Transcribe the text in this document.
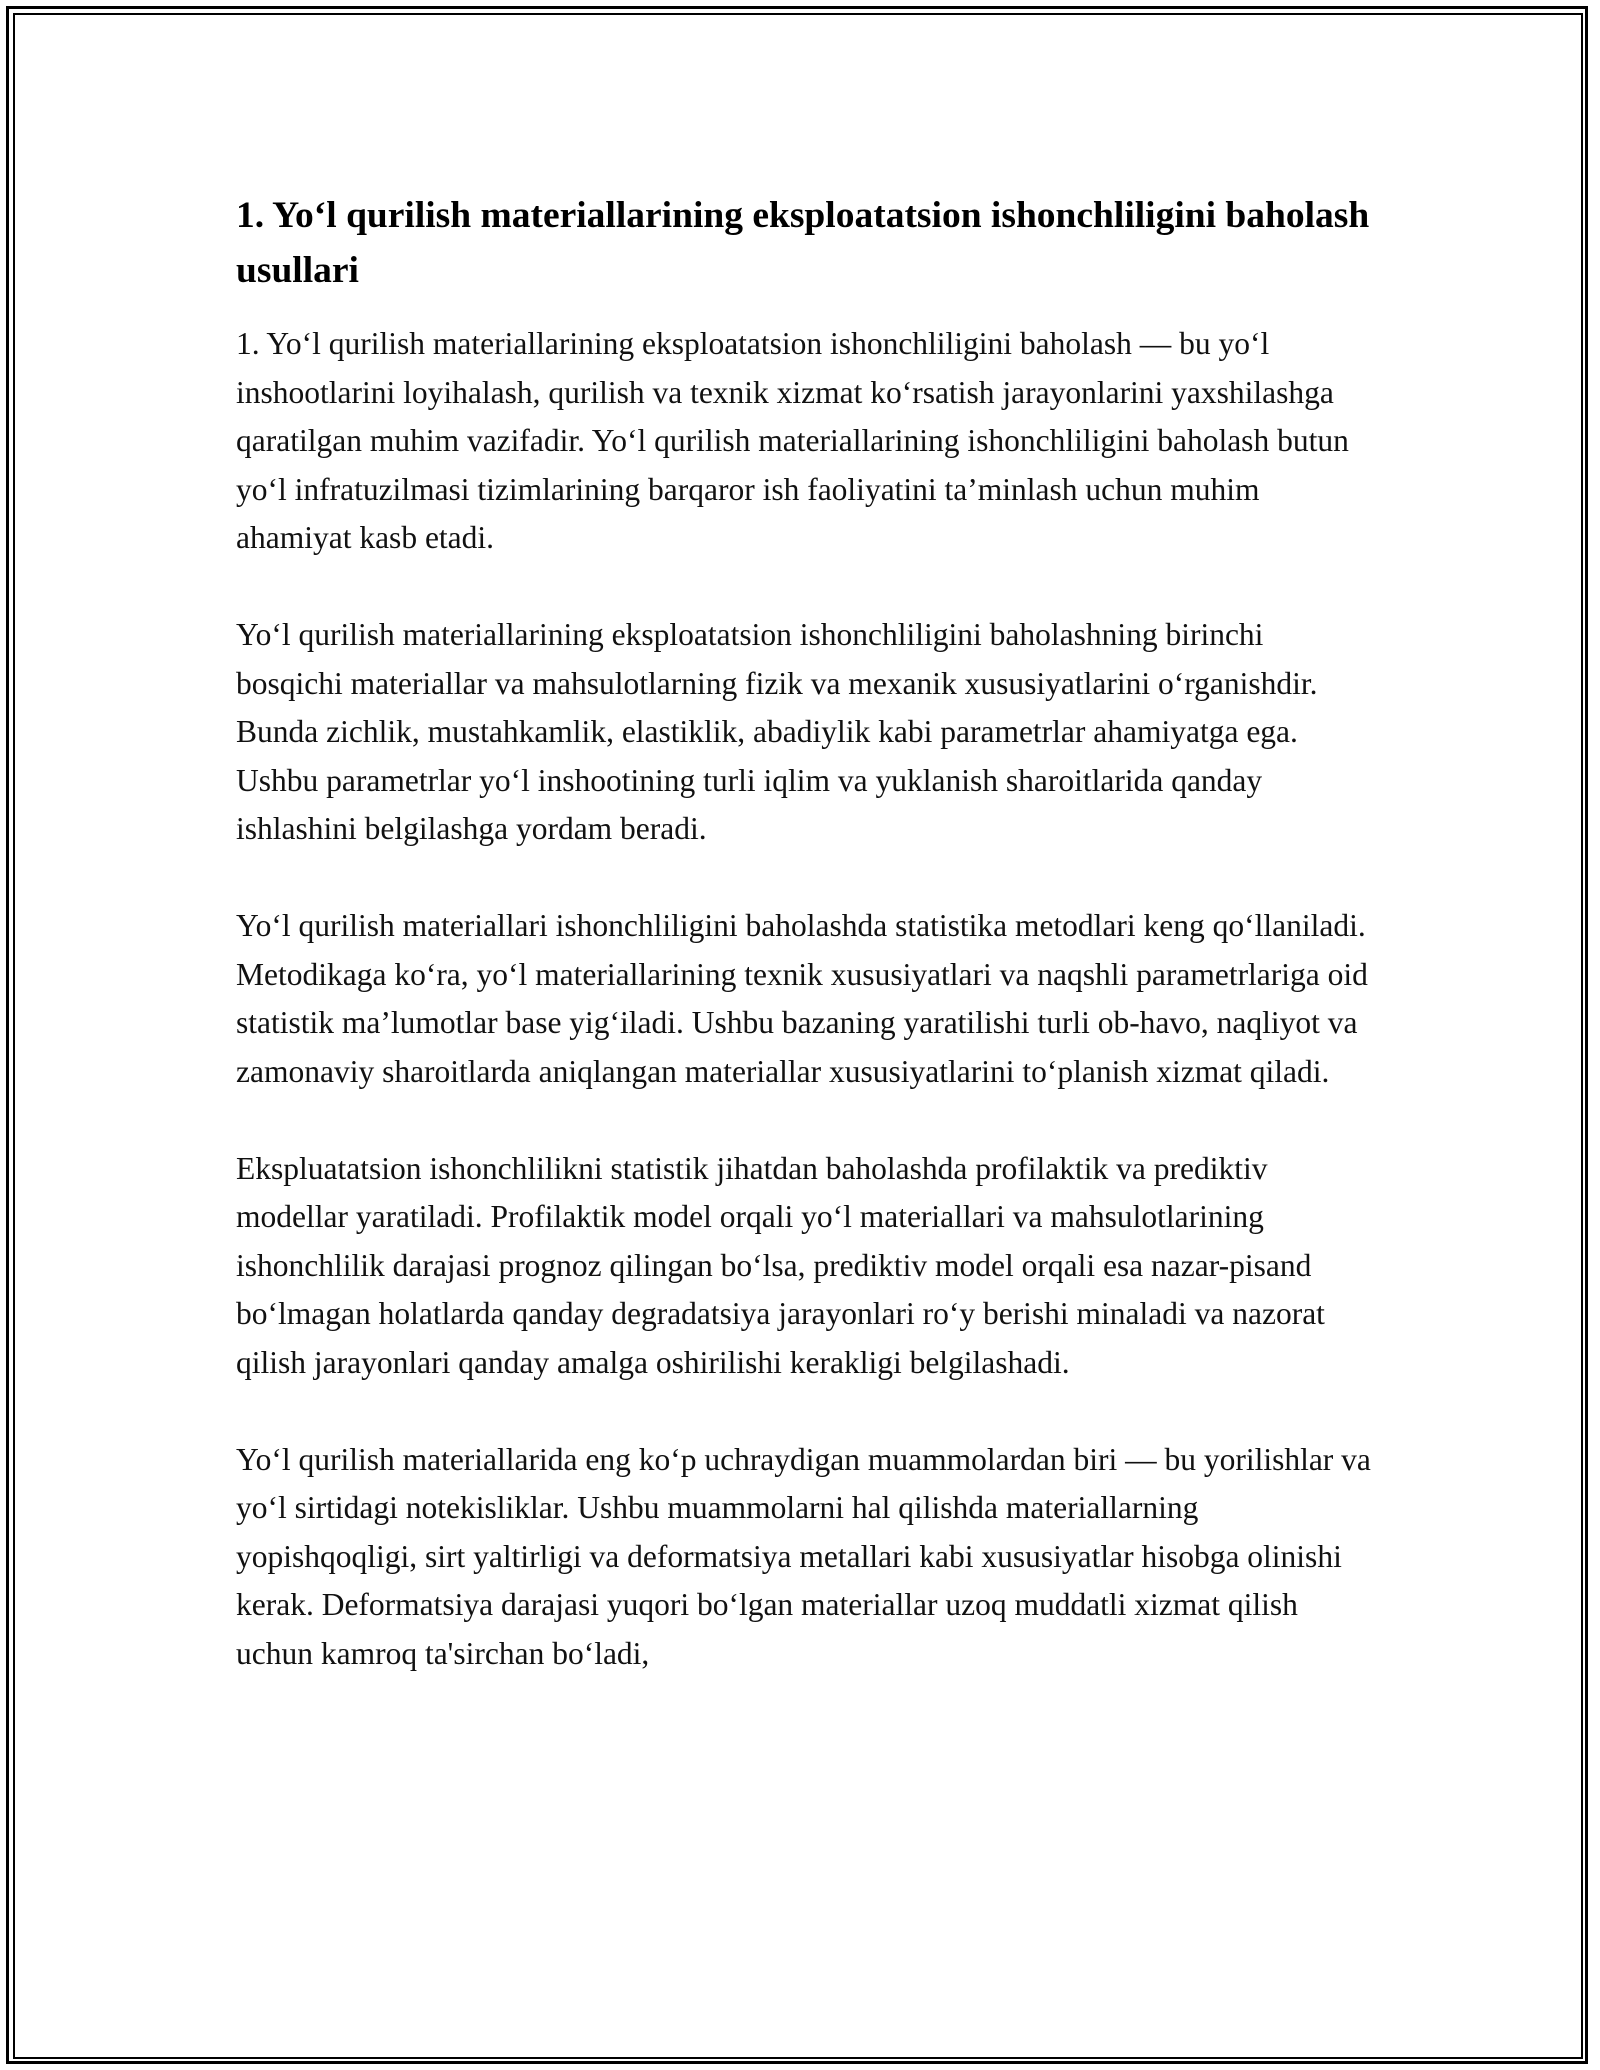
1. Yo‘l qurilish materiallarining eksploatatsion ishonchliligini baholash usullari

1. Yo‘l qurilish materiallarining eksploatatsion ishonchliligini baholash — bu yo‘l inshootlarini loyihalash, qurilish va texnik xizmat ko‘rsatish jarayonlarini yaxshilashga qaratilgan muhim vazifadir. Yo‘l qurilish materiallarining ishonchliligini baholash butun yo‘l infratuzilmasi tizimlarining barqaror ish faoliyatini ta’minlash uchun muhim ahamiyat kasb etadi.

Yo‘l qurilish materiallarining eksploatatsion ishonchliligini baholashning birinchi bosqichi materiallar va mahsulotlarning fizik va mexanik xususiyatlarini o‘rganishdir. Bunda zichlik, mustahkamlik, elastiklik, abadiylik kabi parametrlar ahamiyatga ega. Ushbu parametrlar yo‘l inshootining turli iqlim va yuklanish sharoitlarida qanday ishlashini belgilashga yordam beradi.

Yo‘l qurilish materiallari ishonchliligini baholashda statistika metodlari keng qo‘llaniladi. Metodikaga ko‘ra, yo‘l materiallarining texnik xususiyatlari va naqshli parametrlariga oid statistik ma’lumotlar base yig‘iladi. Ushbu bazaning yaratilishi turli ob-havo, naqliyot va zamonaviy sharoitlarda aniqlangan materiallar xususiyatlarini to‘planish xizmat qiladi.

Ekspluatatsion ishonchlilikni statistik jihatdan baholashda profilaktik va prediktiv modellar yaratiladi. Profilaktik model orqali yo‘l materiallari va mahsulotlarining ishonchlilik darajasi prognoz qilingan bo‘lsa, prediktiv model orqali esa nazar-pisand bo‘lmagan holatlarda qanday degradatsiya jarayonlari ro‘y berishi minaladi va nazorat qilish jarayonlari qanday amalga oshirilishi kerakligi belgilashadi.

Yo‘l qurilish materiallarida eng ko‘p uchraydigan muammolardan biri — bu yorilishlar va yo‘l sirtidagi notekisliklar. Ushbu muammolarni hal qilishda materiallarning yopishqoqligi, sirt yaltirligi va deformatsiya metallari kabi xususiyatlar hisobga olinishi kerak. Deformatsiya darajasi yuqori bo‘lgan materiallar uzoq muddatli xizmat qilish uchun kamroq ta'sirchan bo‘ladi,
